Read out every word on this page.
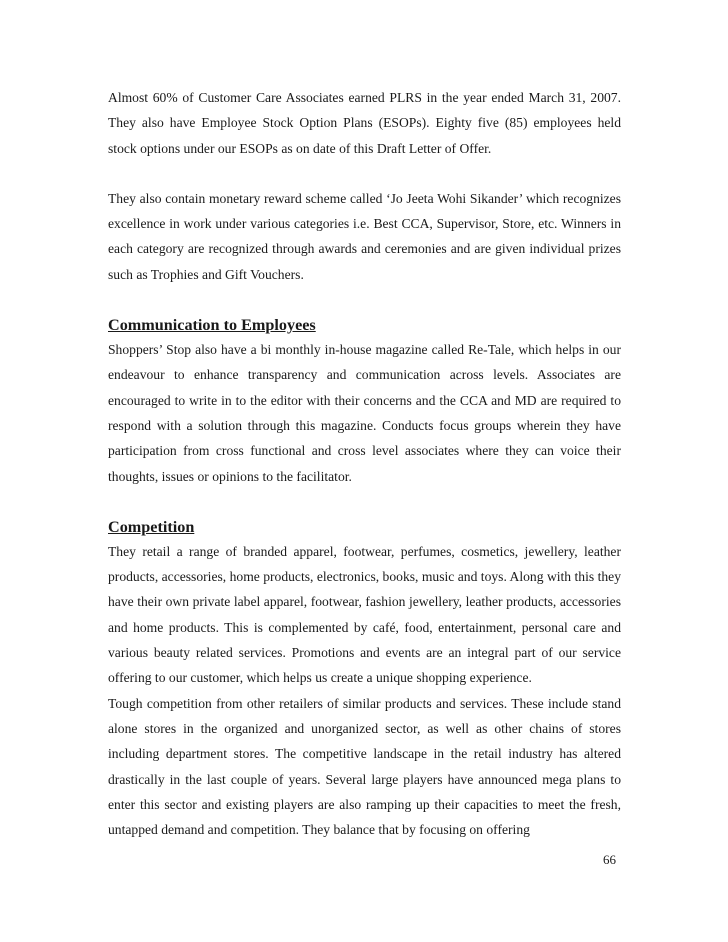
Almost 60% of Customer Care Associates earned PLRS in the year ended March 31, 2007. They also have Employee Stock Option Plans (ESOPs). Eighty five (85) employees held stock options under our ESOPs as on date of this Draft Letter of Offer.

They also contain monetary reward scheme called ‘Jo Jeeta Wohi Sikander’ which recognizes excellence in work under various categories i.e. Best CCA, Supervisor, Store, etc. Winners in each category are recognized through awards and ceremonies and are given individual prizes such as Trophies and Gift Vouchers.

Communication to Employees

Shoppers’ Stop also have a bi monthly in-house magazine called Re-Tale, which helps in our endeavour to enhance transparency and communication across levels. Associates are encouraged to write in to the editor with their concerns and the CCA and MD are required to respond with a solution through this magazine. Conducts focus groups wherein they have participation from cross functional and cross level associates where they can voice their thoughts, issues or opinions to the facilitator.

Competition

They retail a range of branded apparel, footwear, perfumes, cosmetics, jewellery, leather products, accessories, home products, electronics, books, music and toys. Along with this they have their own private label apparel, footwear, fashion jewellery, leather products, accessories and home products. This is complemented by café, food, entertainment, personal care and various beauty related services. Promotions and events are an integral part of our service offering to our customer, which helps us create a unique shopping experience.

Tough competition from other retailers of similar products and services. These include stand alone stores in the organized and unorganized sector, as well as other chains of stores including department stores. The competitive landscape in the retail industry has altered drastically in the last couple of years. Several large players have announced mega plans to enter this sector and existing players are also ramping up their capacities to meet the fresh, untapped demand and competition. They balance that by focusing on offering

66
